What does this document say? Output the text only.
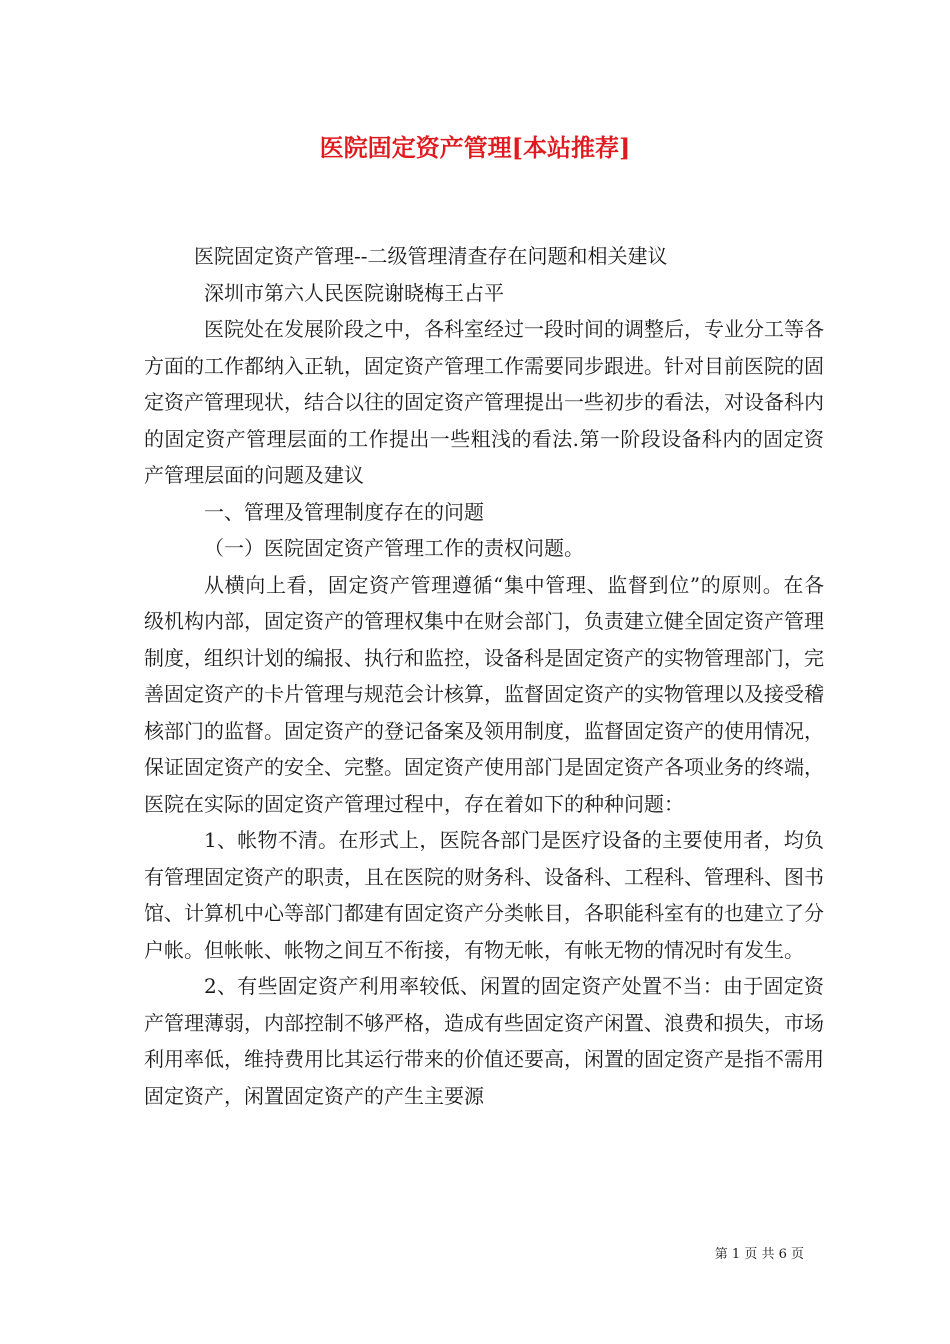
医院固定资产管理[本站推荐]

医院固定资产管理--二级管理清查存在问题和相关建议

深圳市第六人民医院谢晓梅王占平

医院处在发展阶段之中，各科室经过一段时间的调整后，专业分工等各方面的工作都纳入正轨，固定资产管理工作需要同步跟进。针对目前医院的固定资产管理现状，结合以往的固定资产管理提出一些初步的看法，对设备科内的固定资产管理层面的工作提出一些粗浅的看法.第一阶段设备科内的固定资产管理层面的问题及建议

一、管理及管理制度存在的问题

（一）医院固定资产管理工作的责权问题。

从横向上看，固定资产管理遵循“集中管理、监督到位”的原则。在各级机构内部，固定资产的管理权集中在财会部门，负责建立健全固定资产管理制度，组织计划的编报、执行和监控，设备科是固定资产的实物管理部门，完善固定资产的卡片管理与规范会计核算，监督固定资产的实物管理以及接受稽核部门的监督。固定资产的登记备案及领用制度，监督固定资产的使用情况，保证固定资产的安全、完整。固定资产使用部门是固定资产各项业务的终端，医院在实际的固定资产管理过程中，存在着如下的种种问题：

1、帐物不清。在形式上，医院各部门是医疗设备的主要使用者，均负有管理固定资产的职责，且在医院的财务科、设备科、工程科、管理科、图书馆、计算机中心等部门都建有固定资产分类帐目，各职能科室有的也建立了分户帐。但帐帐、帐物之间互不衔接，有物无帐，有帐无物的情况时有发生。

2、有些固定资产利用率较低、闲置的固定资产处置不当：由于固定资产管理薄弱，内部控制不够严格，造成有些固定资产闲置、浪费和损失，市场利用率低，维持费用比其运行带来的价值还要高，闲置的固定资产是指不需用固定资产，闲置固定资产的产生主要源

第 1 页 共 6 页
